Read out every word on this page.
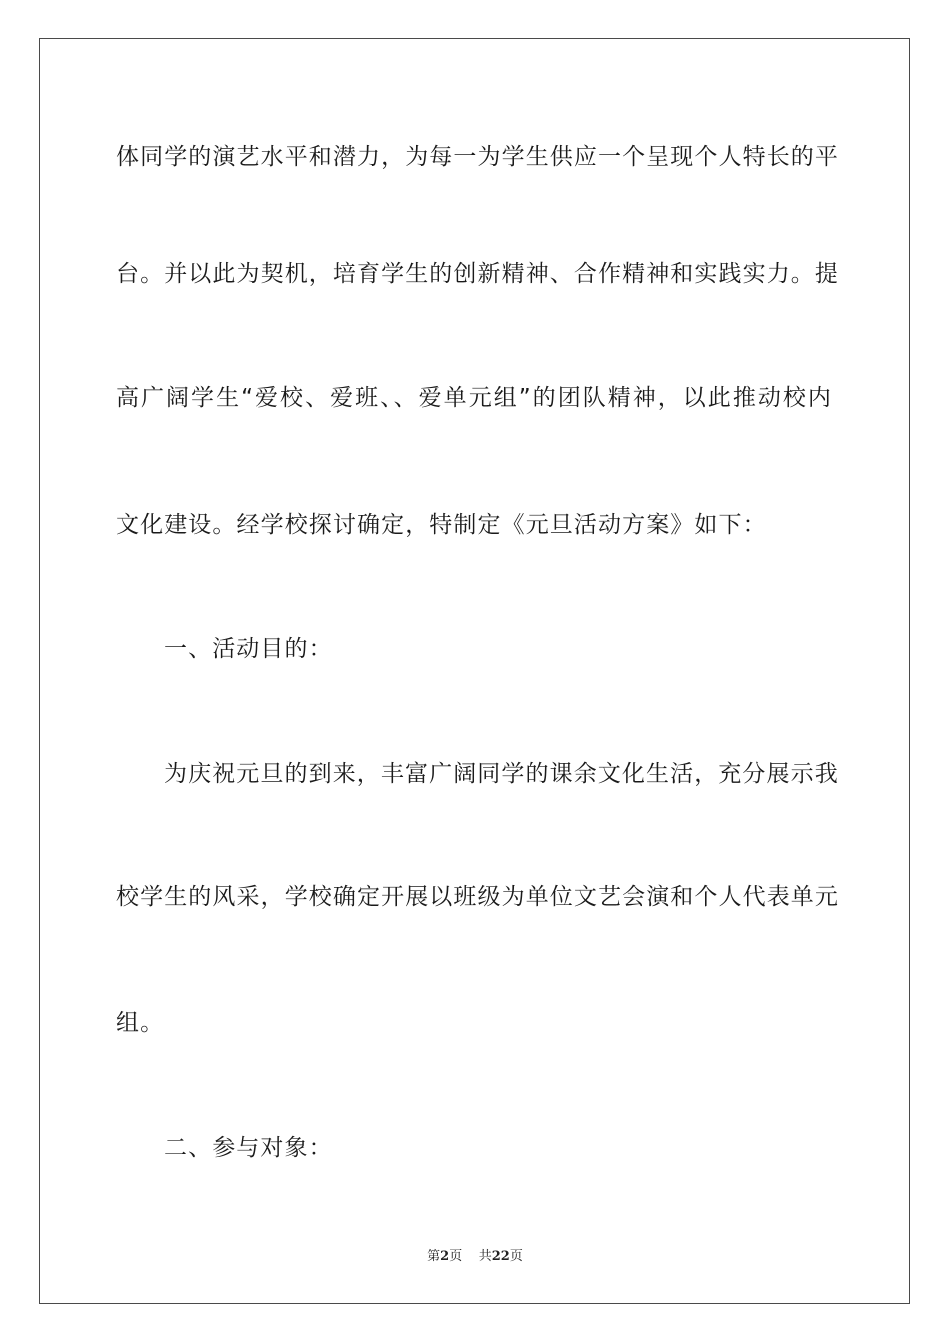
体同学的演艺水平和潜力，为每一为学生供应一个呈现个人特长的平
台。并以此为契机，培育学生的创新精神、合作精神和实践实力。提
高广阔学生“爱校、爱班、、爱单元组”的团队精神，以此推动校内
文化建设。经学校探讨确定，特制定《元旦活动方案》如下：
一、活动目的：
为庆祝元旦的到来，丰富广阔同学的课余文化生活，充分展示我
校学生的风采，学校确定开展以班级为单位文艺会演和个人代表单元
组。
二、参与对象：
第2页 共22页
